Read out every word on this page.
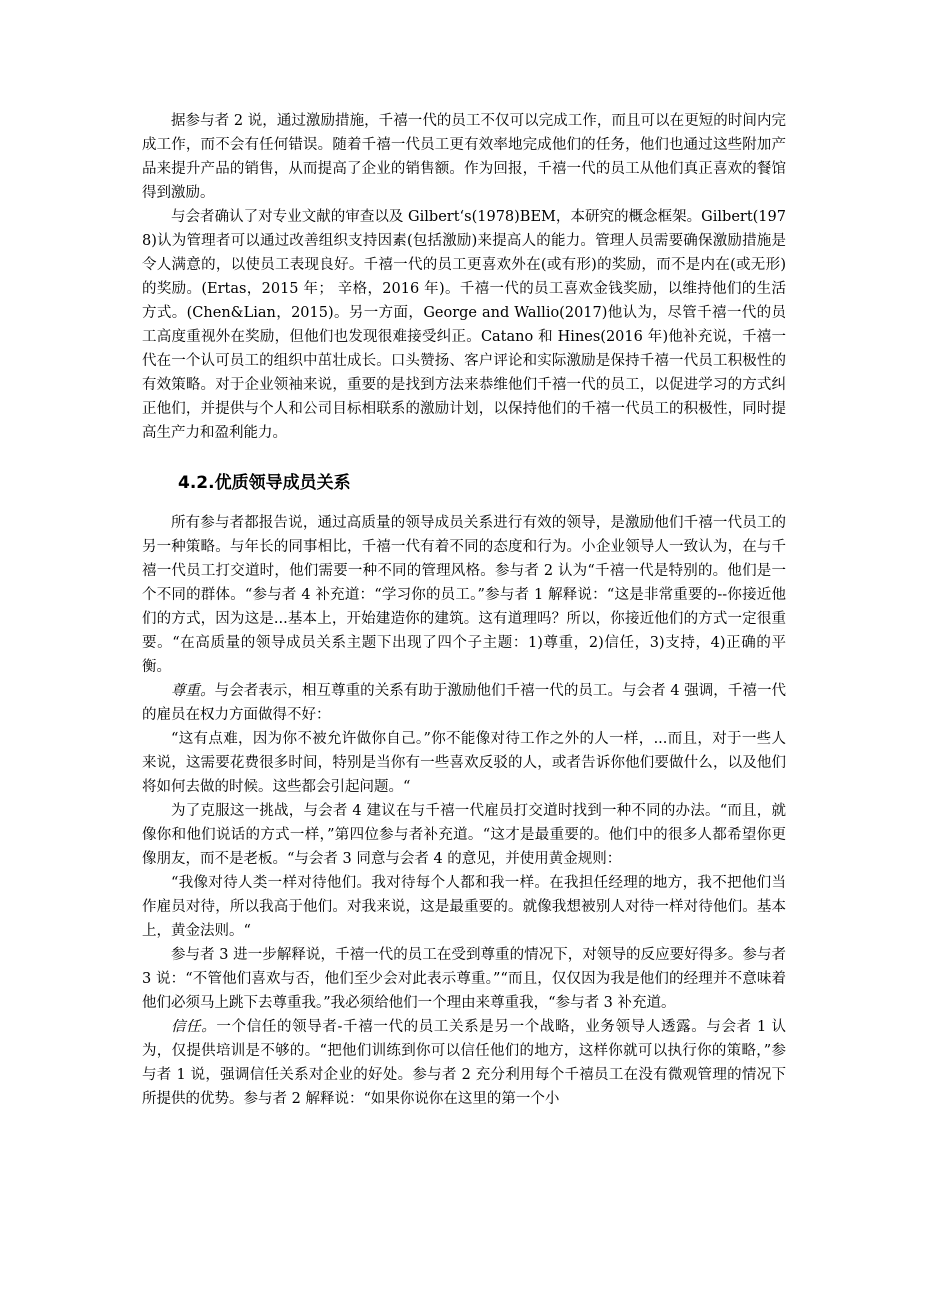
据参与者 2 说，通过激励措施，千禧一代的员工不仅可以完成工作，而且可以在更短的时间内完成工作，而不会有任何错误。随着千禧一代员工更有效率地完成他们的任务，他们也通过这些附加产品来提升产品的销售，从而提高了企业的销售额。作为回报，千禧一代的员工从他们真正喜欢的餐馆得到激励。

与会者确认了对专业文献的审查以及 Gilbert‘s(1978)BEM，本研究的概念框架。Gilbert(1978)认为管理者可以通过改善组织支持因素(包括激励)来提高人的能力。管理人员需要确保激励措施是令人满意的，以使员工表现良好。千禧一代的员工更喜欢外在(或有形)的奖励，而不是内在(或无形)的奖励。(Ertas，2015 年； 辛格，2016 年)。千禧一代的员工喜欢金钱奖励，以维持他们的生活方式。(Chen&Lian，2015)。另一方面，George and Wallio(2017)他认为，尽管千禧一代的员工高度重视外在奖励，但他们也发现很难接受纠正。Catano 和 Hines(2016 年)他补充说，千禧一代在一个认可员工的组织中茁壮成长。口头赞扬、客户评论和实际激励是保持千禧一代员工积极性的有效策略。对于企业领袖来说，重要的是找到方法来恭维他们千禧一代的员工，以促进学习的方式纠正他们，并提供与个人和公司目标相联系的激励计划，以保持他们的千禧一代员工的积极性，同时提高生产力和盈利能力。

4.2.优质领导成员关系

所有参与者都报告说，通过高质量的领导成员关系进行有效的领导，是激励他们千禧一代员工的另一种策略。与年长的同事相比，千禧一代有着不同的态度和行为。小企业领导人一致认为，在与千禧一代员工打交道时，他们需要一种不同的管理风格。参与者 2 认为“千禧一代是特别的。他们是一个不同的群体。“参与者 4 补充道：“学习你的员工。”参与者 1 解释说：“这是非常重要的--你接近他们的方式，因为这是...基本上，开始建造你的建筑。这有道理吗？所以，你接近他们的方式一定很重要。“在高质量的领导成员关系主题下出现了四个子主题：1)尊重，2)信任，3)支持，4)正确的平衡。

尊重。与会者表示，相互尊重的关系有助于激励他们千禧一代的员工。与会者 4 强调，千禧一代的雇员在权力方面做得不好：

“这有点难，因为你不被允许做你自己。”你不能像对待工作之外的人一样，...而且，对于一些人来说，这需要花费很多时间，特别是当你有一些喜欢反驳的人，或者告诉你他们要做什么，以及他们将如何去做的时候。这些都会引起问题。“

为了克服这一挑战，与会者 4 建议在与千禧一代雇员打交道时找到一种不同的办法。“而且，就像你和他们说话的方式一样，”第四位参与者补充道。“这才是最重要的。他们中的很多人都希望你更像朋友，而不是老板。“与会者 3 同意与会者 4 的意见，并使用黄金规则：

“我像对待人类一样对待他们。我对待每个人都和我一样。在我担任经理的地方，我不把他们当作雇员对待，所以我高于他们。对我来说，这是最重要的。就像我想被别人对待一样对待他们。基本上，黄金法则。“

参与者 3 进一步解释说，千禧一代的员工在受到尊重的情况下，对领导的反应要好得多。参与者 3 说：“不管他们喜欢与否，他们至少会对此表示尊重。”“而且，仅仅因为我是他们的经理并不意味着他们必须马上跳下去尊重我。”我必须给他们一个理由来尊重我，“参与者 3 补充道。

信任。一个信任的领导者-千禧一代的员工关系是另一个战略，业务领导人透露。与会者 1 认为，仅提供培训是不够的。“把他们训练到你可以信任他们的地方，这样你就可以执行你的策略，”参与者 1 说，强调信任关系对企业的好处。参与者 2 充分利用每个千禧员工在没有微观管理的情况下所提供的优势。参与者 2 解释说：“如果你说你在这里的第一个小
